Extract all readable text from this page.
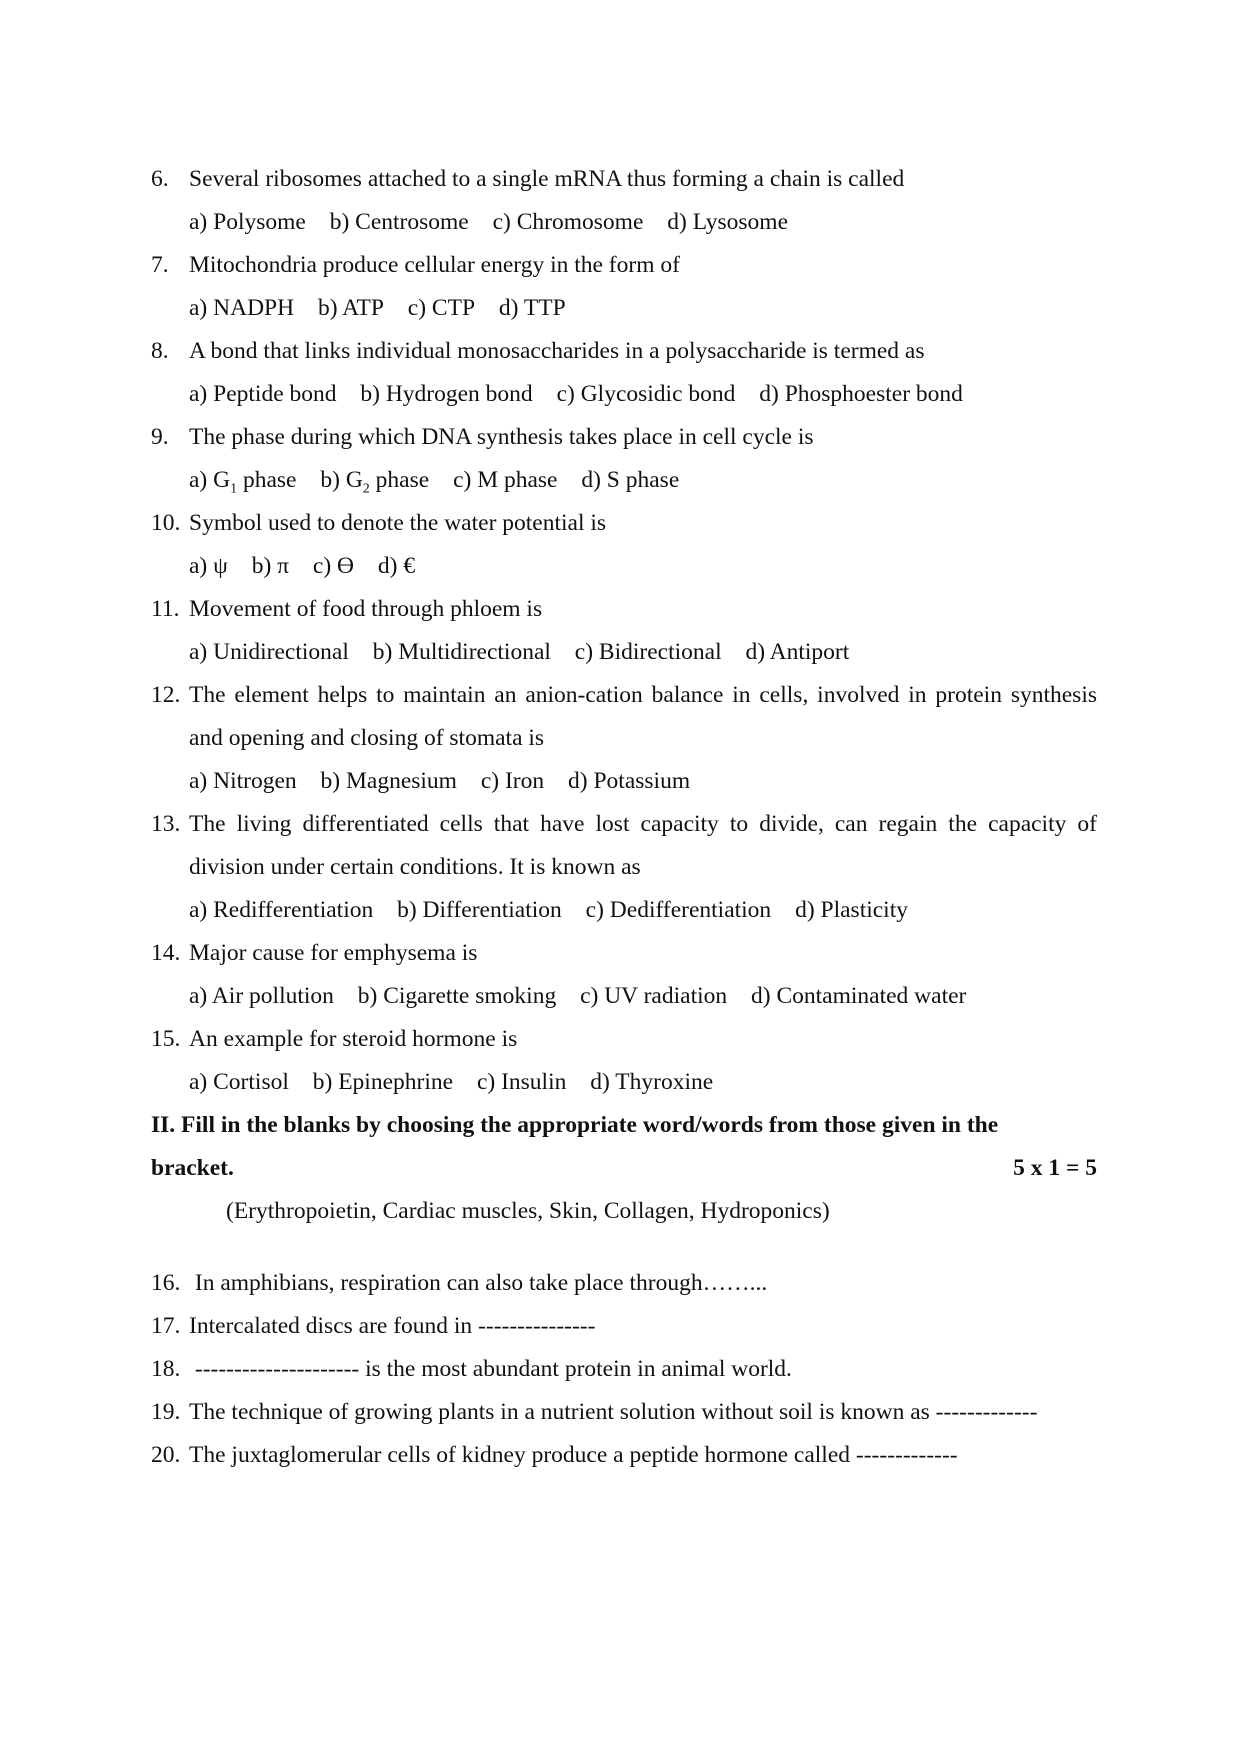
6. Several ribosomes attached to a single mRNA thus forming a chain is called
a) Polysome b) Centrosome c) Chromosome d) Lysosome
7. Mitochondria produce cellular energy in the form of
a) NADPH b) ATP c) CTP d) TTP
8. A bond that links individual monosaccharides in a polysaccharide is termed as
a) Peptide bond b) Hydrogen bond c) Glycosidic bond d) Phosphoester bond
9. The phase during which DNA synthesis takes place in cell cycle is
a) $G_1$ phase b) $G_2$ phase c) M phase d) S phase
10. Symbol used to denote the water potential is
a) ψ b) π c) Ө d) €
11. Movement of food through phloem is
a) Unidirectional b) Multidirectional c) Bidirectional d) Antiport
12. The element helps to maintain an anion-cation balance in cells, involved in protein synthesis and opening and closing of stomata is
a) Nitrogen b) Magnesium c) Iron d) Potassium
13. The living differentiated cells that have lost capacity to divide, can regain the capacity of division under certain conditions. It is known as
a) Redifferentiation b) Differentiation c) Dedifferentiation d) Plasticity
14. Major cause for emphysema is
a) Air pollution b) Cigarette smoking c) UV radiation d) Contaminated water
15. An example for steroid hormone is
a) Cortisol b) Epinephrine c) Insulin d) Thyroxine
II. Fill in the blanks by choosing the appropriate word/words from those given in the
bracket.	5 x 1 = 5
(Erythropoietin, Cardiac muscles, Skin, Collagen, Hydroponics)
16. In amphibians, respiration can also take place through……...
17. Intercalated discs are found in ---------------
18. --------------------- is the most abundant protein in animal world.
19. The technique of growing plants in a nutrient solution without soil is known as -------------
20. The juxtaglomerular cells of kidney produce a peptide hormone called -------------
